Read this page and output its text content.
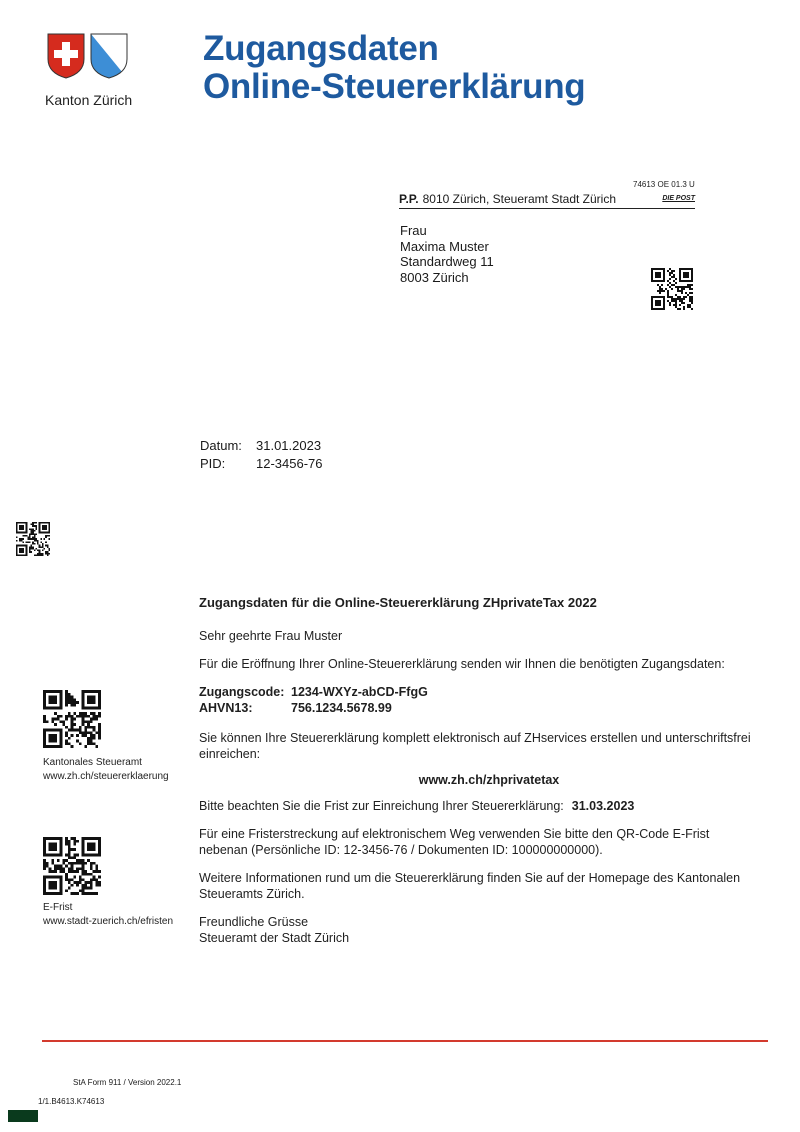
Kanton Zürich
Zugangsdaten
Online-Steuererklärung
74613 OE 01.3 U
P.P. 8010 Zürich, Steueramt Stadt Zürich	DIE POST
Frau
Maxima Muster
Standardweg 11
8003 Zürich
Datum: 31.01.2023
PID: 12-3456-76
Kantonales Steueramt
www.zh.ch/steuererklaerung
E-Frist
www.stadt-zuerich.ch/efristen
Zugangsdaten für die Online-Steuererklärung ZHprivateTax 2022
Sehr geehrte Frau Muster
Für die Eröffnung Ihrer Online-Steuererklärung senden wir Ihnen die benötigten Zugangsdaten:
Zugangscode: 1234-WXYz-abCD-FfgG
AHVN13:	756.1234.5678.99
Sie können Ihre Steuererklärung komplett elektronisch auf ZHservices erstellen und unterschriftsfrei einreichen:
www.zh.ch/zhprivatetax
Bitte beachten Sie die Frist zur Einreichung Ihrer Steuererklärung: 31.03.2023
Für eine Fristerstreckung auf elektronischem Weg verwenden Sie bitte den QR-Code E-Frist nebenan (Persönliche ID: 12-3456-76 / Dokumenten ID: 100000000000).
Weitere Informationen rund um die Steuererklärung finden Sie auf der Homepage des Kantonalen Steueramts Zürich.
Freundliche Grüsse
Steueramt der Stadt Zürich
StA Form 911 / Version 2022.1
1/1.B4613.K74613
